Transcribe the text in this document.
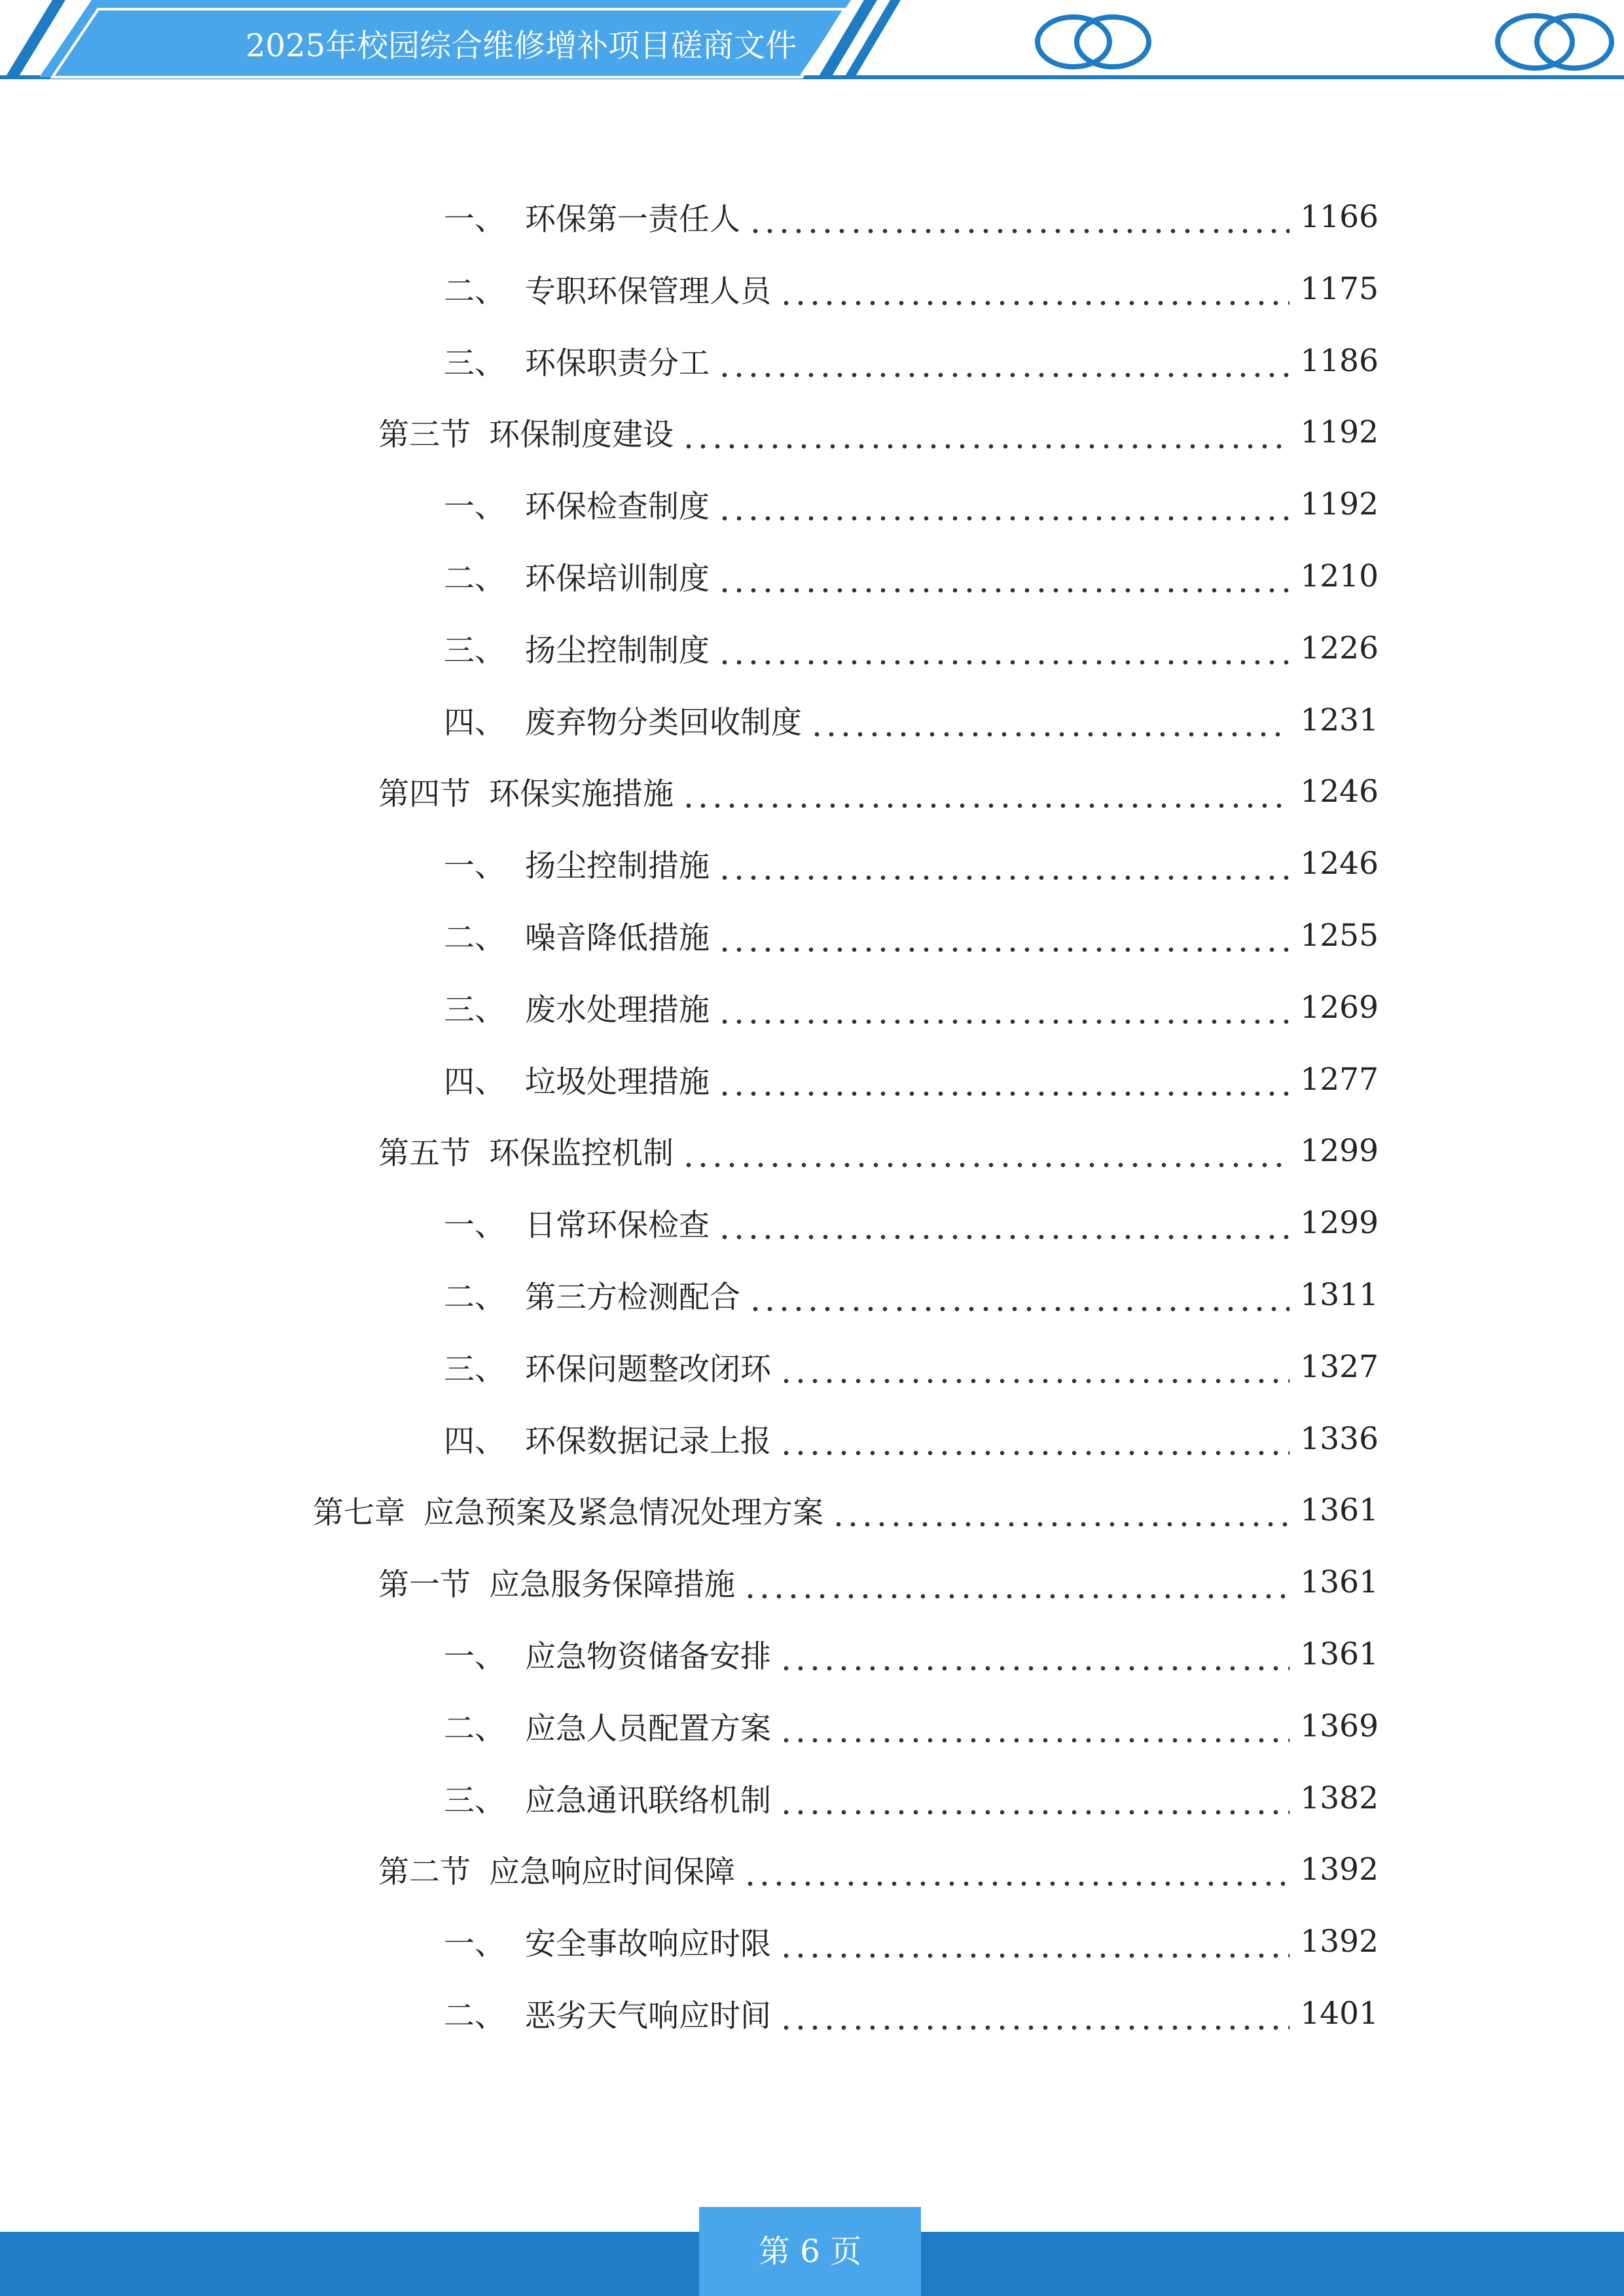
2025年校园综合维修增补项目磋商文件
一、 环保第一责任人	1166
二、 专职环保管理人员	1175
三、 环保职责分工	1186
第三节 环保制度建设	1192
一、 环保检查制度	1192
二、 环保培训制度	1210
三、 扬尘控制制度	1226
四、 废弃物分类回收制度	1231
第四节 环保实施措施	1246
一、 扬尘控制措施	1246
二、 噪音降低措施	1255
三、 废水处理措施	1269
四、 垃圾处理措施	1277
第五节 环保监控机制	1299
一、 日常环保检查	1299
二、 第三方检测配合	1311
三、 环保问题整改闭环	1327
四、 环保数据记录上报	1336
第七章 应急预案及紧急情况处理方案	1361
第一节 应急服务保障措施	1361
一、 应急物资储备安排	1361
二、 应急人员配置方案	1369
三、 应急通讯联络机制	1382
第二节 应急响应时间保障	1392
一、 安全事故响应时限	1392
二、 恶劣天气响应时间	1401
第 6 页
